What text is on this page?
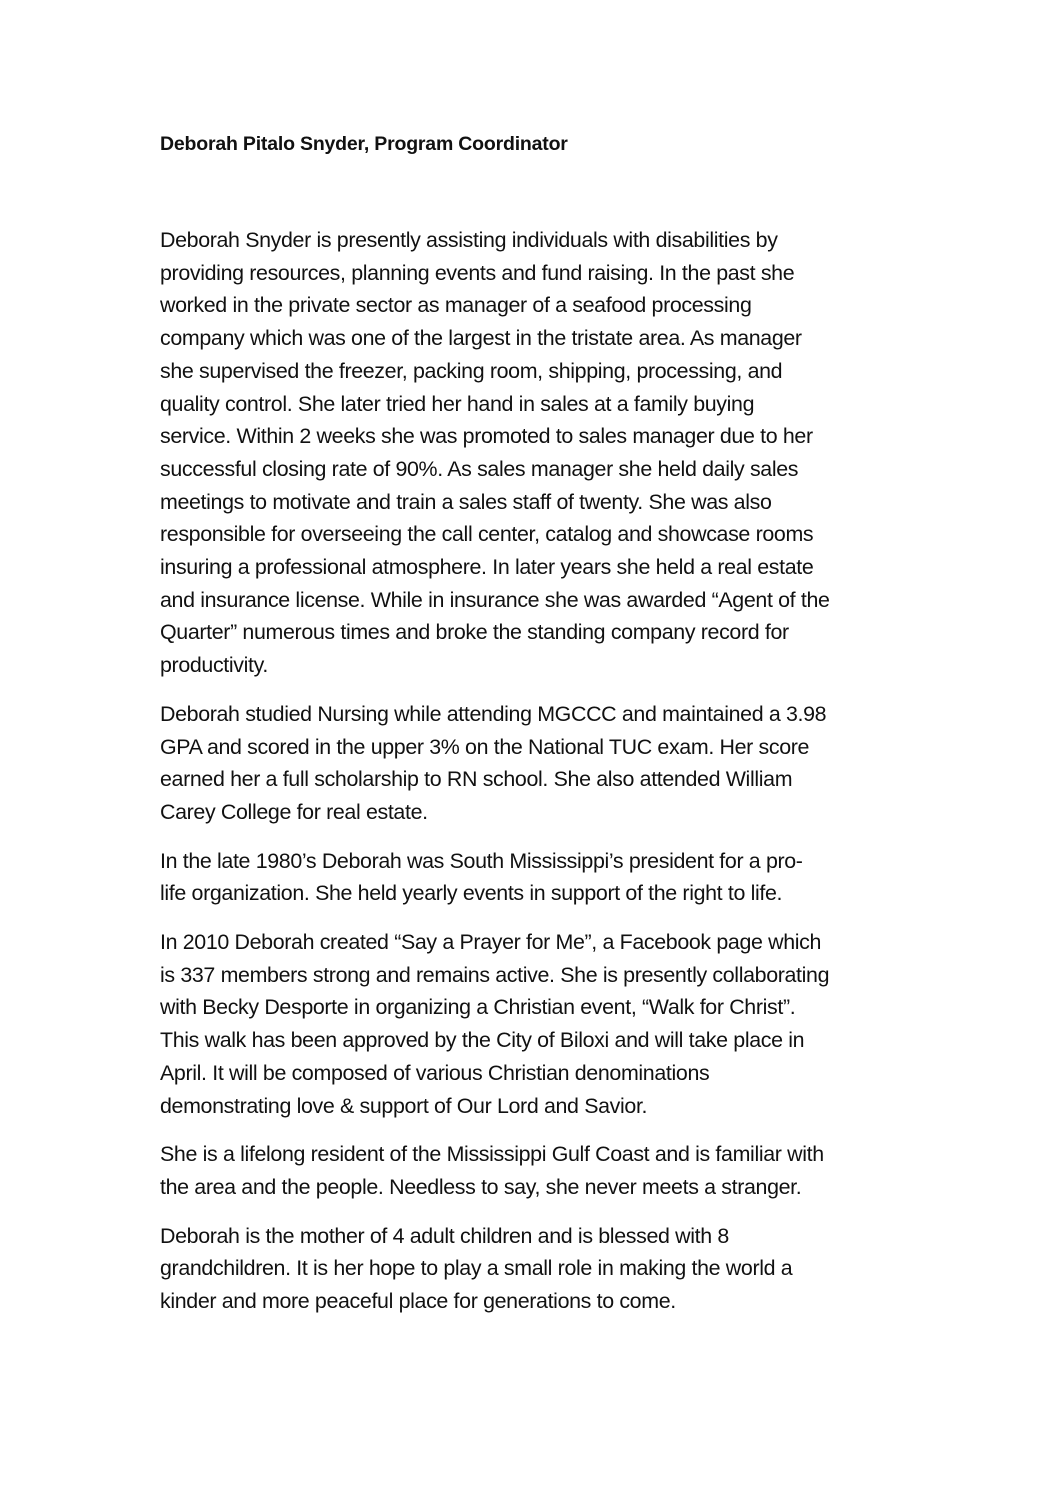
Deborah Pitalo Snyder, Program Coordinator
Deborah Snyder is presently assisting individuals with disabilities by
providing resources, planning events and fund raising. In the past she
worked in the private sector as manager of a seafood processing
company which was one of the largest in the tristate area. As manager
she supervised the freezer, packing room, shipping, processing, and
quality control. She later tried her hand in sales at a family buying
service. Within 2 weeks she was promoted to sales manager due to her
successful closing rate of 90%. As sales manager she held daily sales
meetings to motivate and train a sales staff of twenty. She was also
responsible for overseeing the call center, catalog and showcase rooms
insuring a professional atmosphere. In later years she held a real estate
and insurance license. While in insurance she was awarded “Agent of the
Quarter” numerous times and broke the standing company record for
productivity.
Deborah studied Nursing while attending MGCCC and maintained a 3.98
GPA and scored in the upper 3% on the National TUC exam. Her score
earned her a full scholarship to RN school. She also attended William
Carey College for real estate.
In the late 1980’s Deborah was South Mississippi’s president for a pro-
life organization. She held yearly events in support of the right to life.
In 2010 Deborah created “Say a Prayer for Me”, a Facebook page which
is 337 members strong and remains active. She is presently collaborating
with Becky Desporte in organizing a Christian event, “Walk for Christ”.
This walk has been approved by the City of Biloxi and will take place in
April. It will be composed of various Christian denominations
demonstrating love & support of Our Lord and Savior.
She is a lifelong resident of the Mississippi Gulf Coast and is familiar with
the area and the people. Needless to say, she never meets a stranger.
Deborah is the mother of 4 adult children and is blessed with 8
grandchildren. It is her hope to play a small role in making the world a
kinder and more peaceful place for generations to come.
